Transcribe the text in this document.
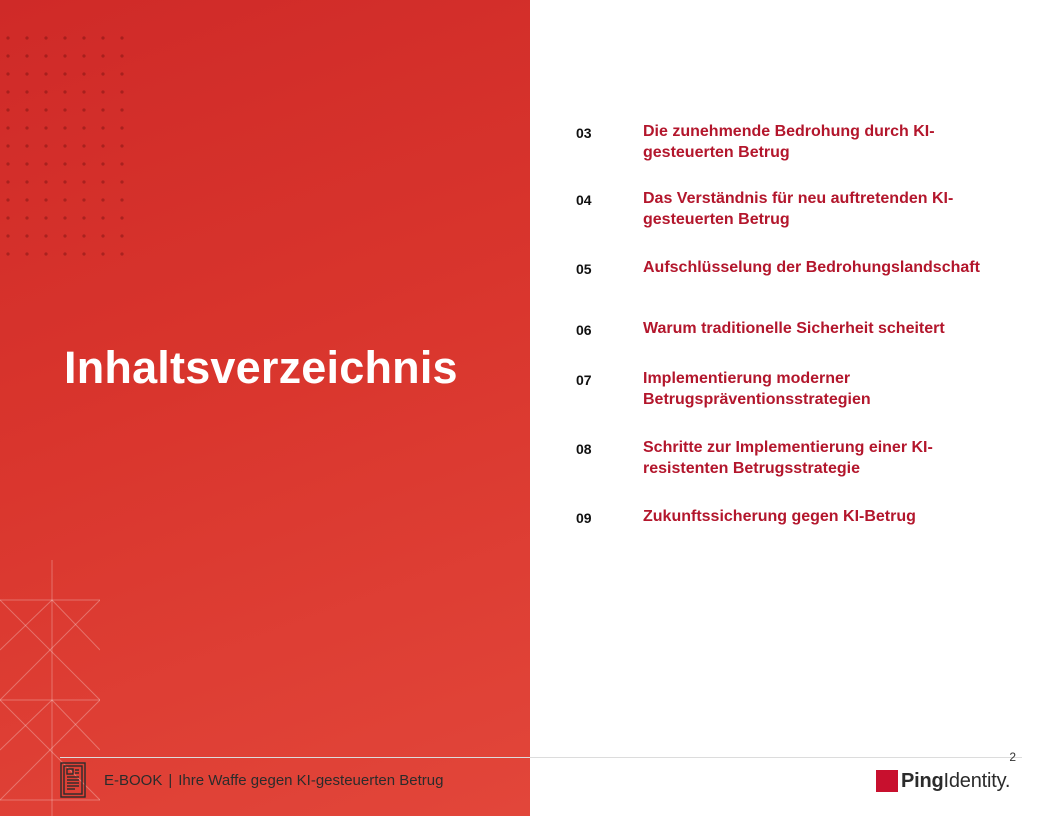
Inhaltsverzeichnis
03	Die zunehmende Bedrohung durch KI-gesteuerten Betrug
04	Das Verständnis für neu auftretenden KI-gesteuerten Betrug
05	Aufschlüsselung der Bedrohungslandschaft
06	Warum traditionelle Sicherheit scheitert
07	Implementierung moderner Betrugspräventionsstrategien
08	Schritte zur Implementierung einer KI-resistenten Betrugsstrategie
09	Zukunftssicherung gegen KI-Betrug
2
E-BOOK | Ihre Waffe gegen KI-gesteuerten Betrug	PingIdentity.
